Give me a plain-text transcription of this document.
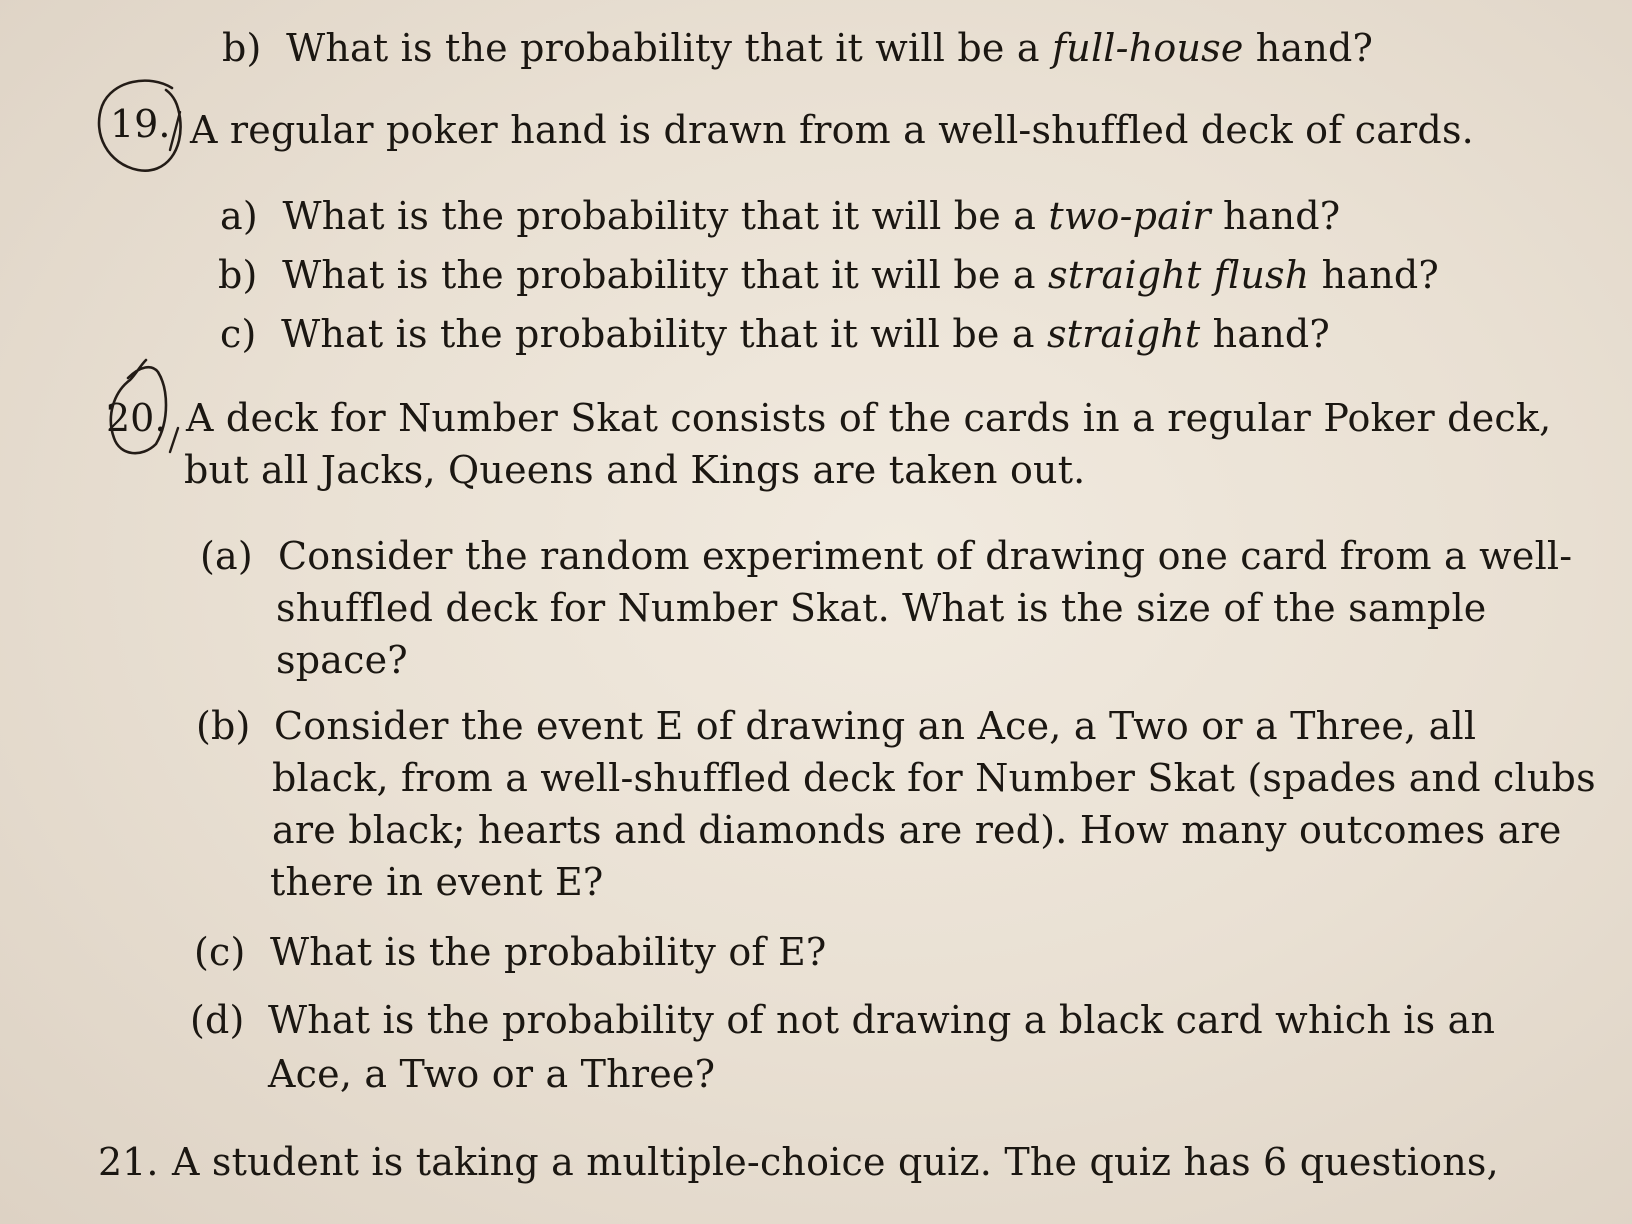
b) What is the probability that it will be a full-house hand?
19. A regular poker hand is drawn from a well-shuffled deck of cards.
a) What is the probability that it will be a two-pair hand?
b) What is the probability that it will be a straight flush hand?
c) What is the probability that it will be a straight hand?
20. A deck for Number Skat consists of the cards in a regular Poker deck,
but all Jacks, Queens and Kings are taken out.
(a) Consider the random experiment of drawing one card from a well-
shuffled deck for Number Skat. What is the size of the sample
space?
(b) Consider the event E of drawing an Ace, a Two or a Three, all
black, from a well-shuffled deck for Number Skat (spades and clubs
are black; hearts and diamonds are red). How many outcomes are
there in event E?
(c) What is the probability of E?
(d) What is the probability of not drawing a black card which is an
Ace, a Two or a Three?
21. A student is taking a multiple-choice quiz. The quiz has 6 questions,
